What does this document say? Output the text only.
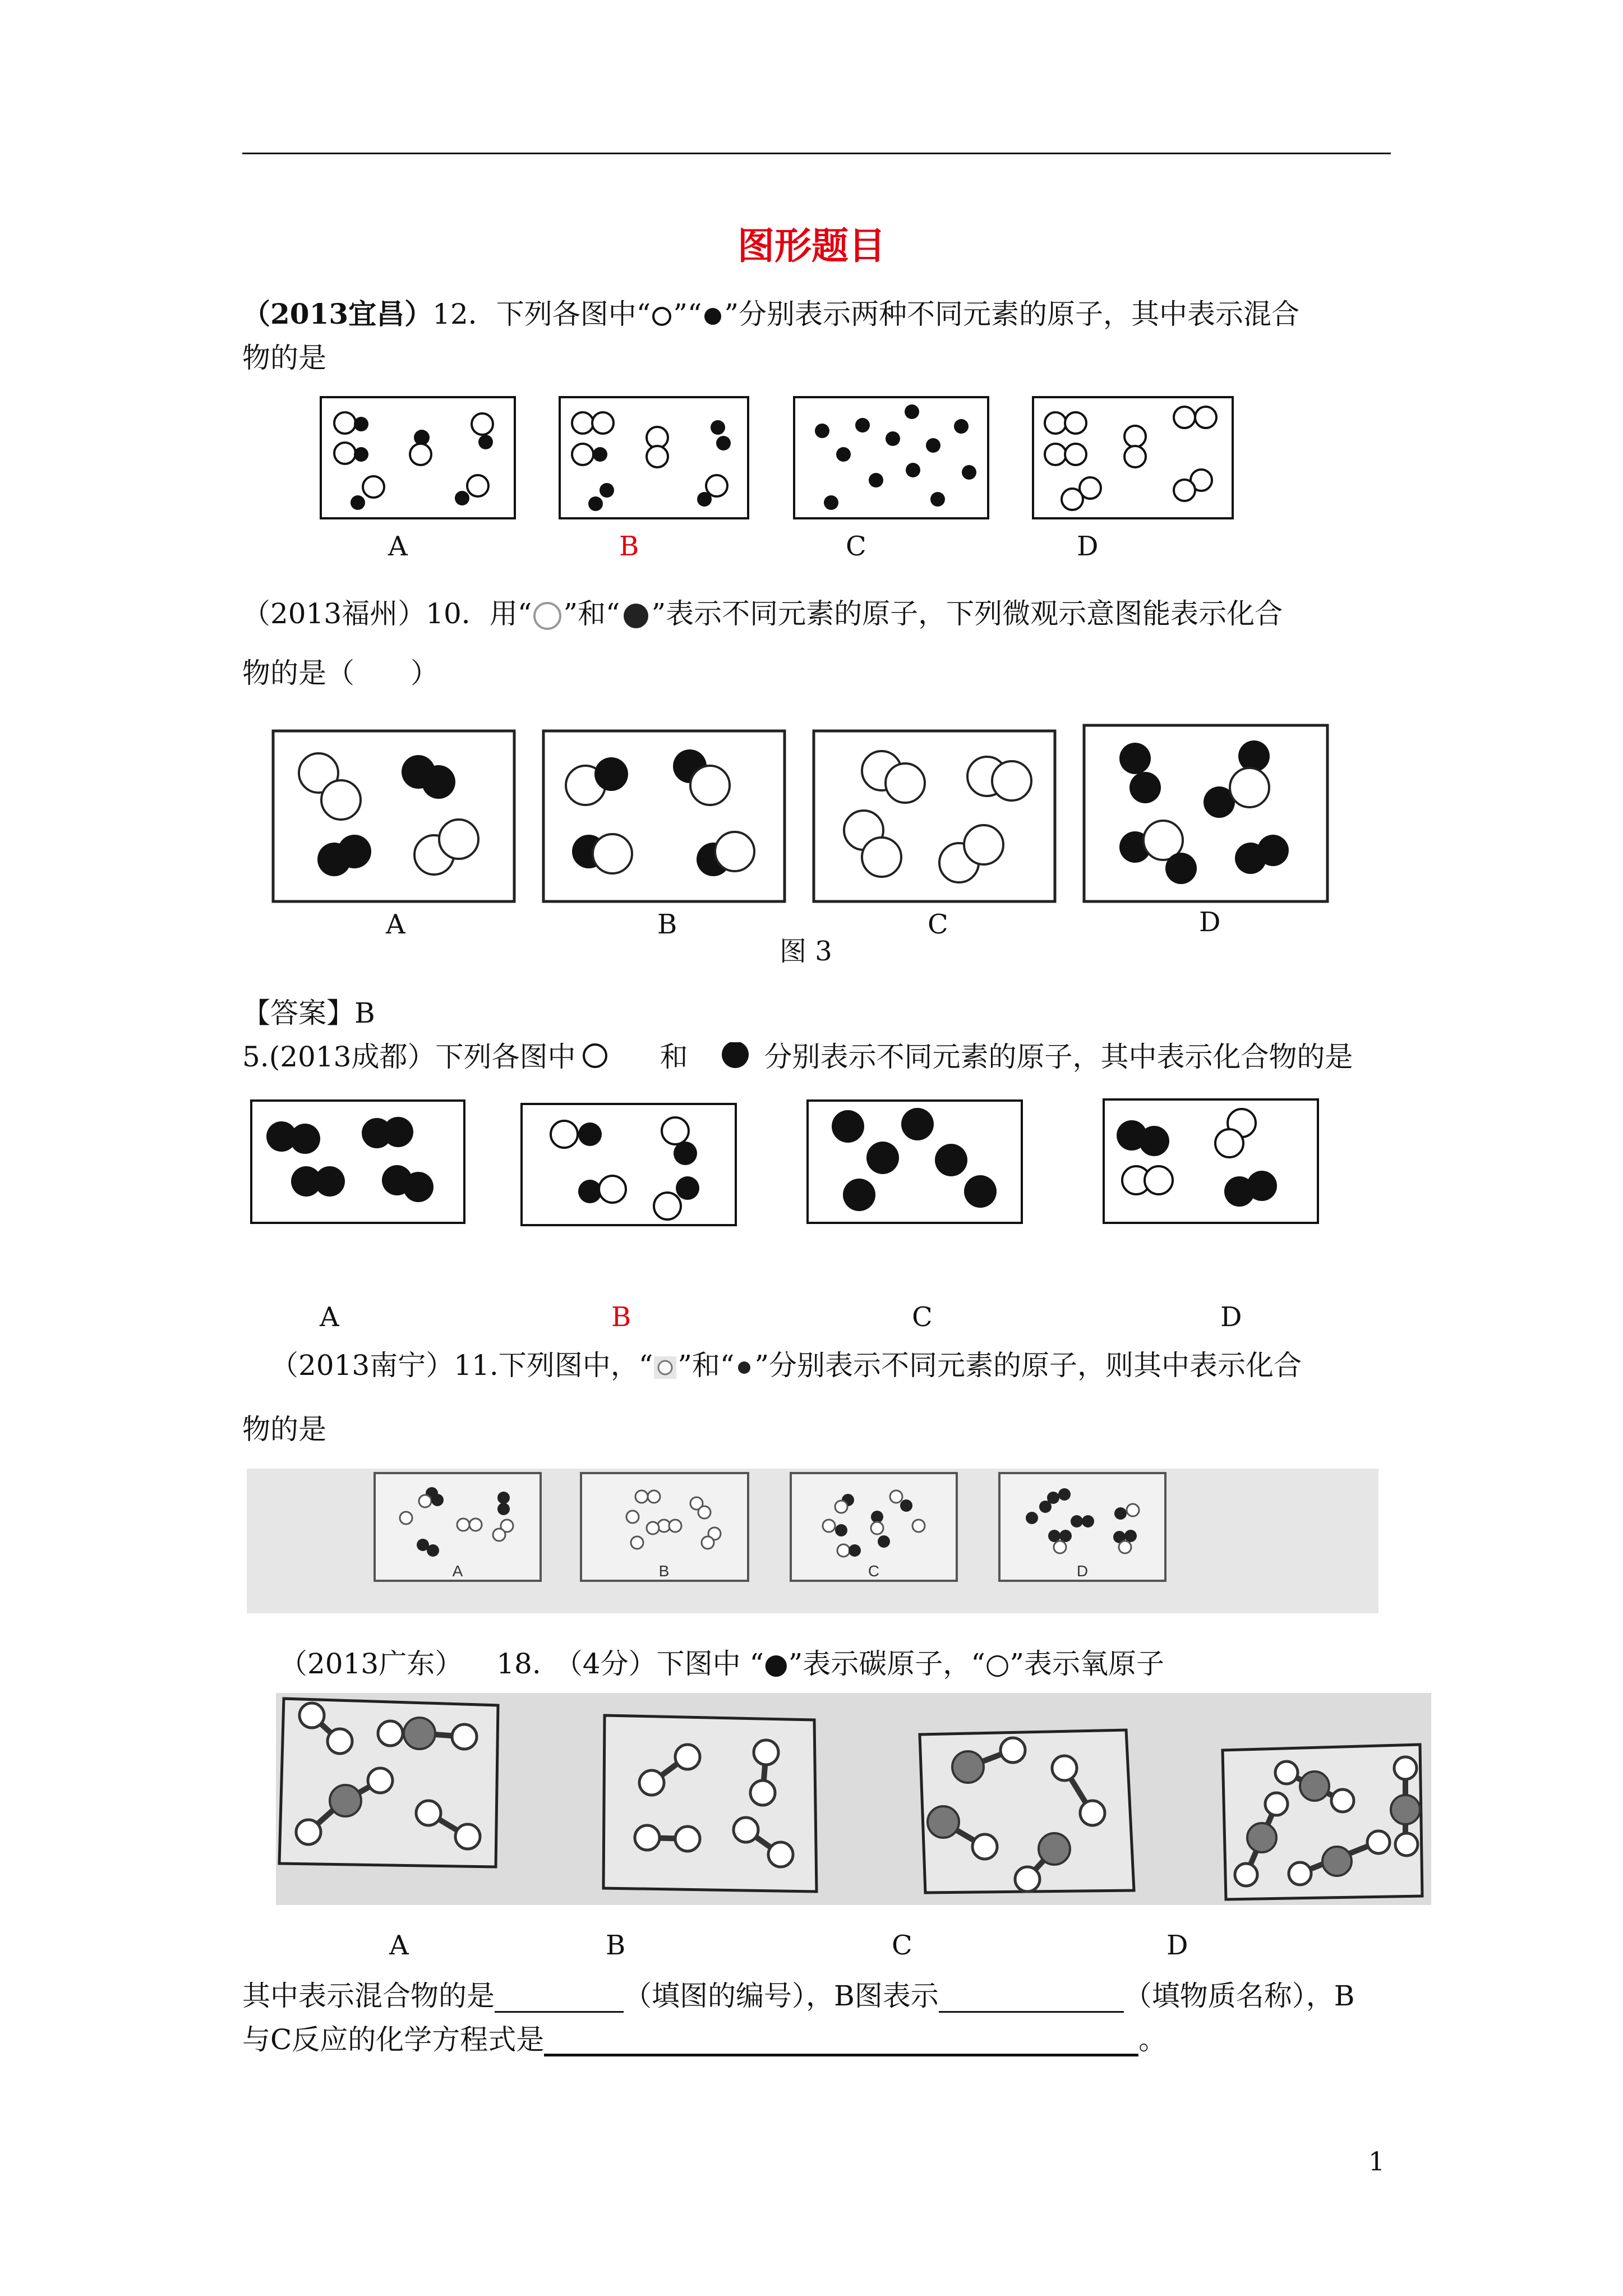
图形题目
（2013宜昌）12．下列各图中“ ”“ ”分别表示两种不同元素的原子，其中表示混合
物的是
A	B	C	D
（2013福州）10．用“ ”和“ ”表示不同元素的原子，下列微观示意图能表示化合
物的是（　　）
A	B	C	D
图 3
【答案】B
5.(2013成都）下列各图中	和	分别表示不同元素的原子，其中表示化合物的是
A	B	C	D
（2013南宁）11.下列图中，“ ”和“ ”分别表示不同元素的原子，则其中表示化合
物的是
A	B	C	D
（2013广东） 18. （4分）下图中 “●”表示碳原子，“○”表示氧原子
A	B	C	D
其中表示混合物的是	（填图的编号），B图表示	（填物质名称），B
与C反应的化学方程式是	。
1
